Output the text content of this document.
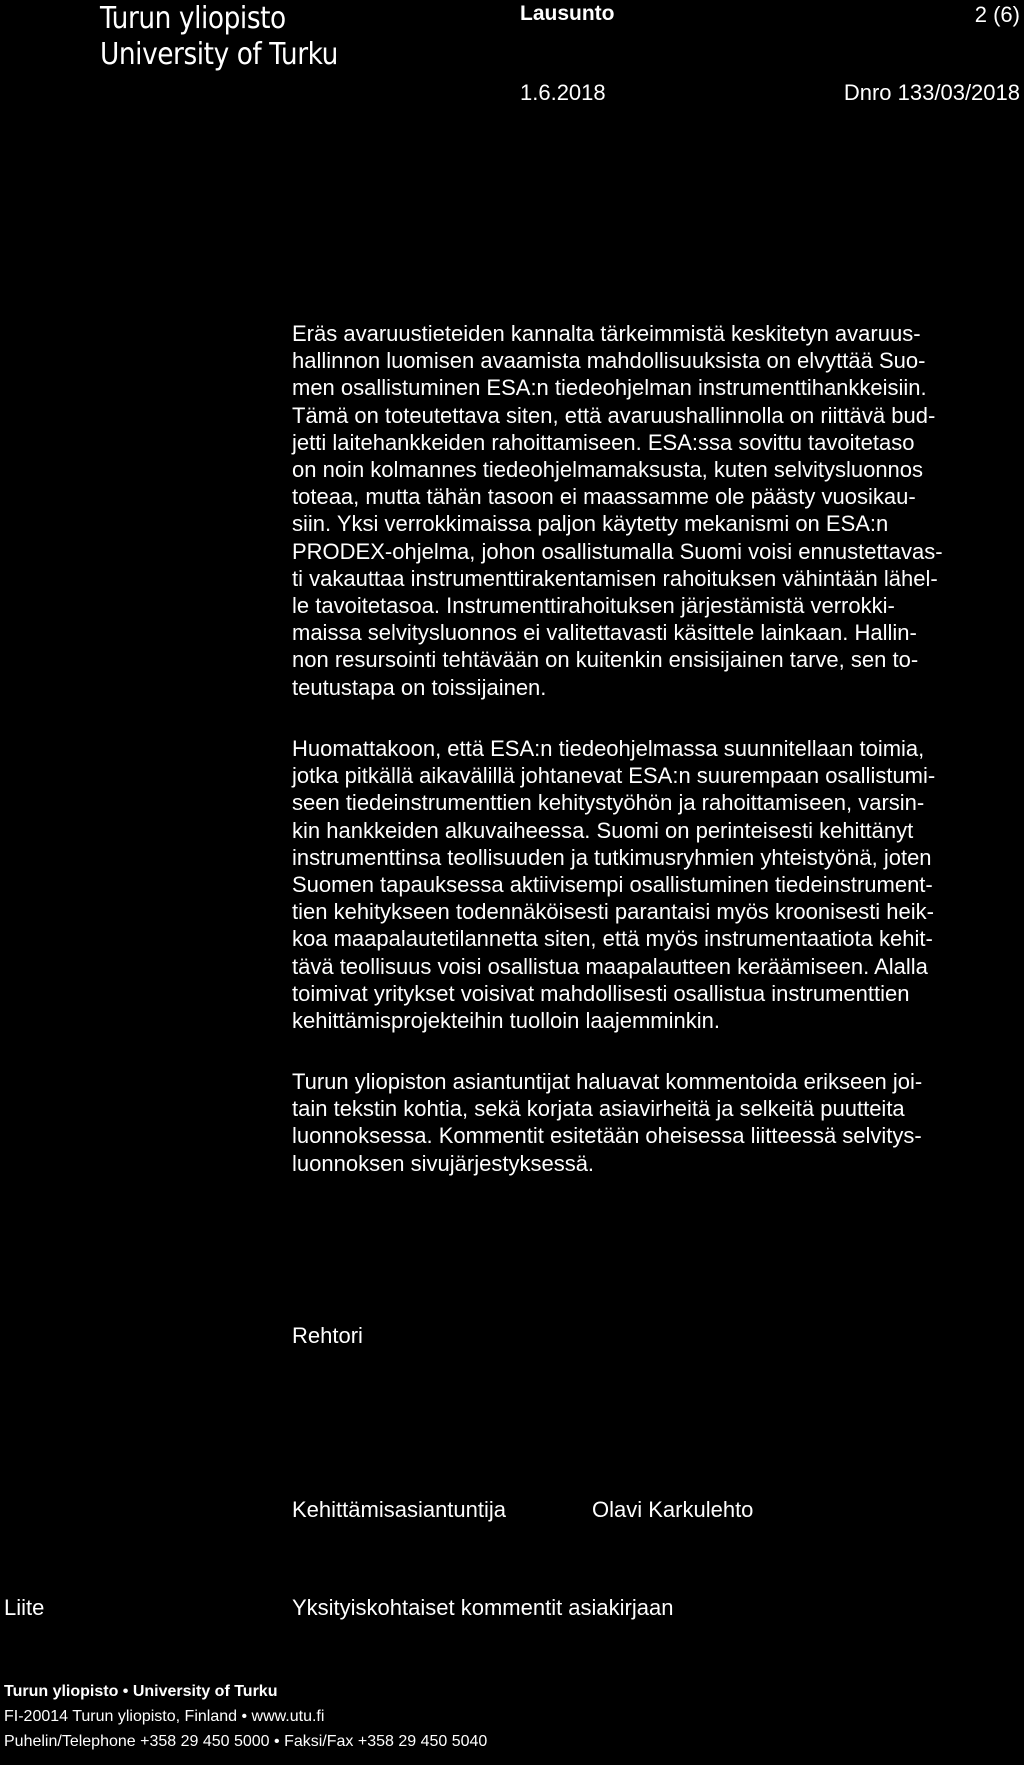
Turun yliopisto
University of Turku
Lausunto	2 (6)
1.6.2018	Dnro 133/03/2018
Eräs avaruustieteiden kannalta tärkeimmistä keskitetyn avaruus-
hallinnon luomisen avaamista mahdollisuuksista on elvyttää Suo-
men osallistuminen ESA:n tiedeohjelman instrumenttihankkeisiin.
Tämä on toteutettava siten, että avaruushallinnolla on riittävä bud-
jetti laitehankkeiden rahoittamiseen. ESA:ssa sovittu tavoitetaso
on noin kolmannes tiedeohjelmamaksusta, kuten selvitysluonnos
toteaa, mutta tähän tasoon ei maassamme ole päästy vuosikau-
siin. Yksi verrokkimaissa paljon käytetty mekanismi on ESA:n
PRODEX-ohjelma, johon osallistumalla Suomi voisi ennustettavas-
ti vakauttaa instrumenttirakentamisen rahoituksen vähintään lähel-
le tavoitetasoa. Instrumenttirahoituksen järjestämistä verrokki-
maissa selvitysluonnos ei valitettavasti käsittele lainkaan. Hallin-
non resursointi tehtävään on kuitenkin ensisijainen tarve, sen to-
teutustapa on toissijainen.
Huomattakoon, että ESA:n tiedeohjelmassa suunnitellaan toimia,
jotka pitkällä aikavälillä johtanevat ESA:n suurempaan osallistumi-
seen tiedeinstrumenttien kehitystyöhön ja rahoittamiseen, varsin-
kin hankkeiden alkuvaiheessa. Suomi on perinteisesti kehittänyt
instrumenttinsa teollisuuden ja tutkimusryhmien yhteistyönä, joten
Suomen tapauksessa aktiivisempi osallistuminen tiedeinstrument-
tien kehitykseen todennäköisesti parantaisi myös kroonisesti heik-
koa maapalautetilannetta siten, että myös instrumentaatiota kehit-
tävä teollisuus voisi osallistua maapalautteen keräämiseen. Alalla
toimivat yritykset voisivat mahdollisesti osallistua instrumenttien
kehittämisprojekteihin tuolloin laajemminkin.
Turun yliopiston asiantuntijat haluavat kommentoida erikseen joi-
tain tekstin kohtia, sekä korjata asiavirheitä ja selkeitä puutteita
luonnoksessa. Kommentit esitetään oheisessa liitteessä selvitys-
luonnoksen sivujärjestyksessä.
Rehtori
Kehittämisasiantuntija	Olavi Karkulehto
Liite	Yksityiskohtaiset kommentit asiakirjaan
Turun yliopisto • University of Turku
FI-20014 Turun yliopisto, Finland • www.utu.fi
Puhelin/Telephone +358 29 450 5000 • Faksi/Fax +358 29 450 5040
